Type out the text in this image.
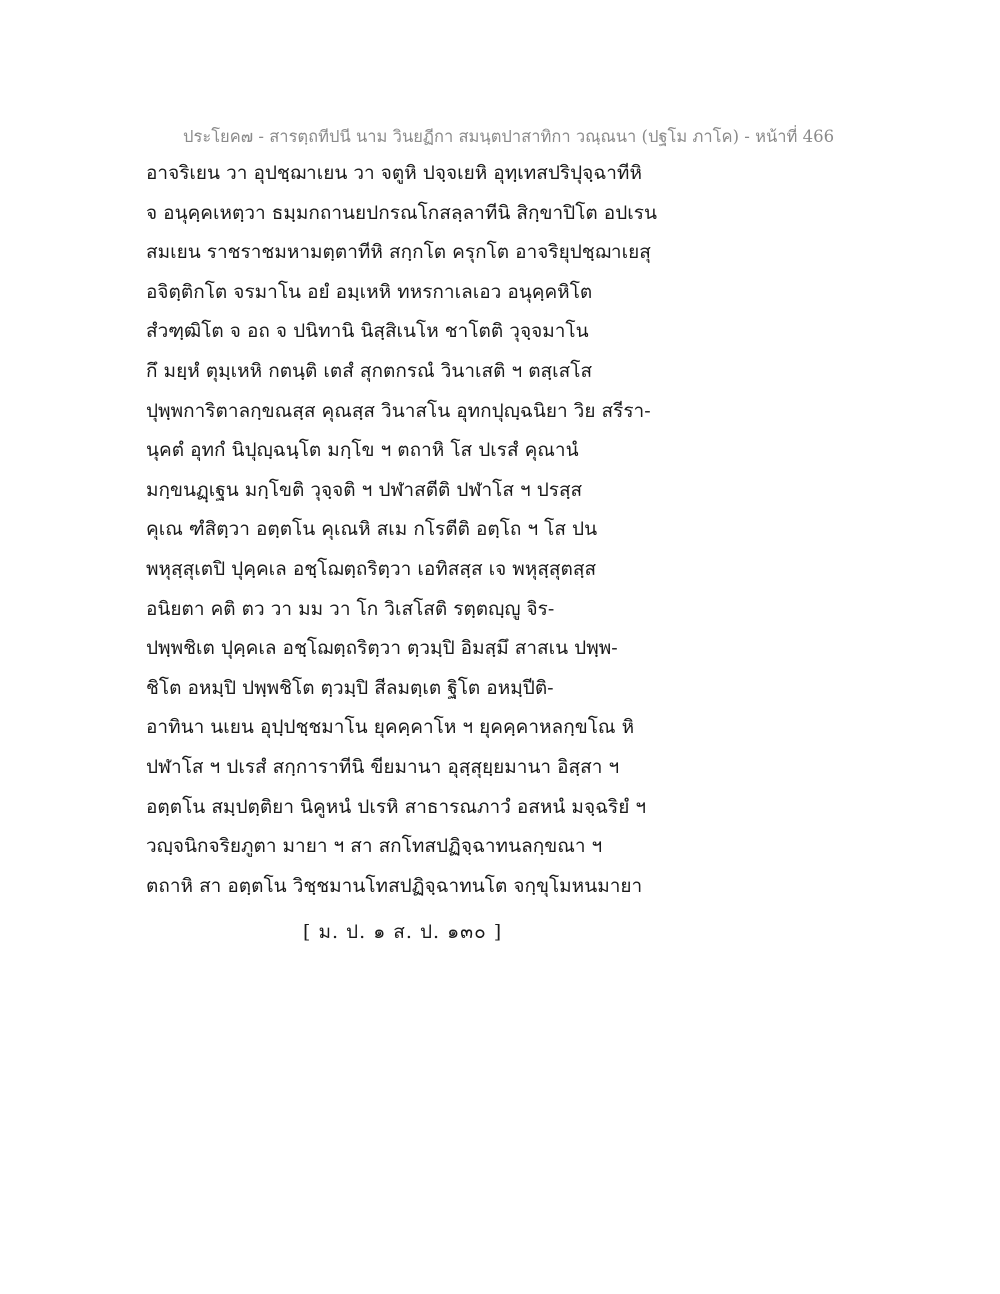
ประโยค๗ - สารตฺถทีปนี นาม วินยฏีกา สมนฺตปาสาทิกา วณฺณนา (ปฐโม ภาโค) - หน้าที่ 466
อาจริเยน วา อุปชฺฌาเยน วา จตูหิ ปจฺจเยหิ อุทฺเทสปริปุจฺฉาทีหิ
จ อนุคฺคเหตฺวา ธมฺมกถานยปกรณโกสลฺลาทีนิ สิกฺขาปิโต อปเรน
สมเยน ราชราชมหามตฺตาทีหิ สกฺกโต ครุกโต อาจริยุปชฺฌาเยสุ
อจิตฺติกโต จรมาโน อยํ อมฺเหหิ ทหรกาเลเอว อนุคฺคหิโต
สํวฑฺฒิโต จ อถ จ ปนิทานิ นิสฺสิเนโห ชาโตติ วุจฺจมาโน
กึ มยฺหํ ตุมฺเหหิ กตนฺติ เตสํ สุกตกรณํ วินาเสติ ฯ ตสฺเสโส
ปุพฺพการิตาลกฺขณสฺส คุณสฺส วินาสโน อุทกปุญฺฉนิยา วิย สรีรา-
นุคตํ อุทกํ นิปุญฺฉนฺโต มกฺโข ฯ ตถาหิ โส ปเรสํ คุณานํ
มกฺขนฏฺเฐน มกฺโขติ วุจฺจติ ฯ ปฬาสตีติ ปฬาโส ฯ ปรสฺส
คุเณ ฑํสิตฺวา อตฺตโน คุเณหิ สเม กโรตีติ อตฺโถ ฯ โส ปน
พหุสฺสุเตปิ ปุคฺคเล อชฺโฌตฺถริตฺวา เอทิสสฺส เจ พหุสฺสุตสฺส
อนิยตา คติ ตว วา มม วา โก วิเสโสติ รตฺตญฺญู จิร-
ปพฺพชิเต ปุคฺคเล อชฺโฌตฺถริตฺวา ตฺวมฺปิ อิมสฺมึ สาสเน ปพฺพ-
ชิโต อหมฺปิ ปพฺพชิโต ตฺวมฺปิ สีลมตฺเต ฐิโต อหมฺปีติ-
อาทินา นเยน อุปฺปชฺชมาโน ยุคคฺคาโห ฯ ยุคคฺคาหลกฺขโณ หิ
ปฬาโส ฯ ปเรสํ สกฺการาทีนิ ขียมานา อุสฺสุยฺยมานา อิสฺสา ฯ
อตฺตโน สมฺปตฺติยา นิคูหนํ ปเรหิ สาธารณภาวํ อสหนํ มจฺฉริยํ ฯ
วญฺจนิกจริยภูตา มายา ฯ สา สกโทสปฏิจฺฉาทนลกฺขณา ฯ
ตถาหิ สา อตฺตโน วิชฺชมานโทสปฏิจฺฉาทนโต จกฺขุโมหนมายา
[ ม. ป. ๑ ส. ป. ๑๓๐ ]
